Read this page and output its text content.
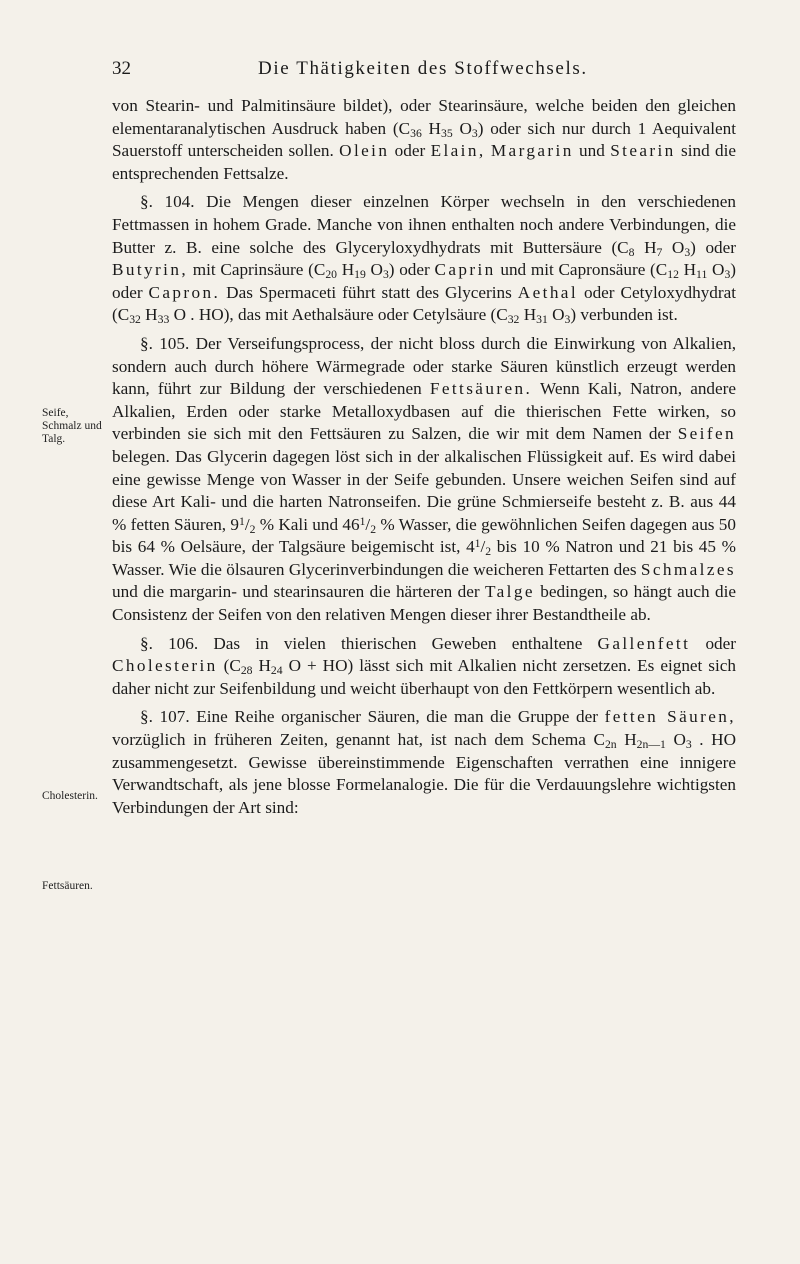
32	Die Thätigkeiten des Stoffwechsels.
Seife, Schmalz und Talg.
Cholesterin.
Fettsäuren.

von Stearin- und Palmitinsäure bildet), oder Stearinsäure, welche beiden den gleichen elementaranalytischen Ausdruck haben ($C_{36}$ $H_{35}$ $O_3$) oder sich nur durch 1 Aequivalent Sauerstoff unterscheiden sollen. Olein oder Elain, Margarin und Stearin sind die entsprechenden Fettsalze.

§. 104. Die Mengen dieser einzelnen Körper wechseln in den verschiedenen Fettmassen in hohem Grade. Manche von ihnen enthalten noch andere Verbindungen, die Butter z. B. eine solche des Glyceryloxydhydrats mit Buttersäure ($C_8$ $H_7$ $O_3$) oder Butyrin, mit Caprinsäure ($C_{20}$ $H_{19}$ $O_3$) oder Caprin und mit Capronsäure ($C_{12}$ $H_{11}$ $O_3$) oder Capron. Das Spermaceti führt statt des Glycerins Aethal oder Cetyloxydhydrat ($C_{32}$ $H_{33}$ O . HO), das mit Aethalsäure oder Cetylsäure ($C_{32}$ $H_{31}$ $O_3$) verbunden ist.

§. 105. Der Verseifungsprocess, der nicht bloss durch die Einwirkung von Alkalien, sondern auch durch höhere Wärmegrade oder starke Säuren künstlich erzeugt werden kann, führt zur Bildung der verschiedenen Fettsäuren. Wenn Kali, Natron, andere Alkalien, Erden oder starke Metalloxydbasen auf die thierischen Fette wirken, so verbinden sie sich mit den Fettsäuren zu Salzen, die wir mit dem Namen der Seifen belegen. Das Glycerin dagegen löst sich in der alkalischen Flüssigkeit auf. Es wird dabei eine gewisse Menge von Wasser in der Seife gebunden. Unsere weichen Seifen sind auf diese Art Kali- und die harten Natronseifen. Die grüne Schmierseife besteht z. B. aus 44 % fetten Säuren, $9^1/_2$ % Kali und $46^1/_2$ % Wasser, die gewöhnlichen Seifen dagegen aus 50 bis 64 % Oelsäure, der Talgsäure beigemischt ist, $4^1/_2$ bis 10 % Natron und 21 bis 45 % Wasser. Wie die ölsauren Glycerinverbindungen die weicheren Fettarten des Schmalzes und die margarin- und stearinsauren die härteren der Talge bedingen, so hängt auch die Consistenz der Seifen von den relativen Mengen dieser ihrer Bestandtheile ab.

§. 106. Das in vielen thierischen Geweben enthaltene Gallenfett oder Cholesterin ($C_{28}$ $H_{24}$ O + HO) lässt sich mit Alkalien nicht zersetzen. Es eignet sich daher nicht zur Seifenbildung und weicht überhaupt von den Fettkörpern wesentlich ab.

§. 107. Eine Reihe organischer Säuren, die man die Gruppe der fetten Säuren, vorzüglich in früheren Zeiten, genannt hat, ist nach dem Schema $C_{2n}$ $H_{2n—1}$ $O_3$ . HO zusammengesetzt. Gewisse übereinstimmende Eigenschaften verrathen eine innigere Verwandtschaft, als jene blosse Formelanalogie. Die für die Verdauungslehre wichtigsten Verbindungen der Art sind:
